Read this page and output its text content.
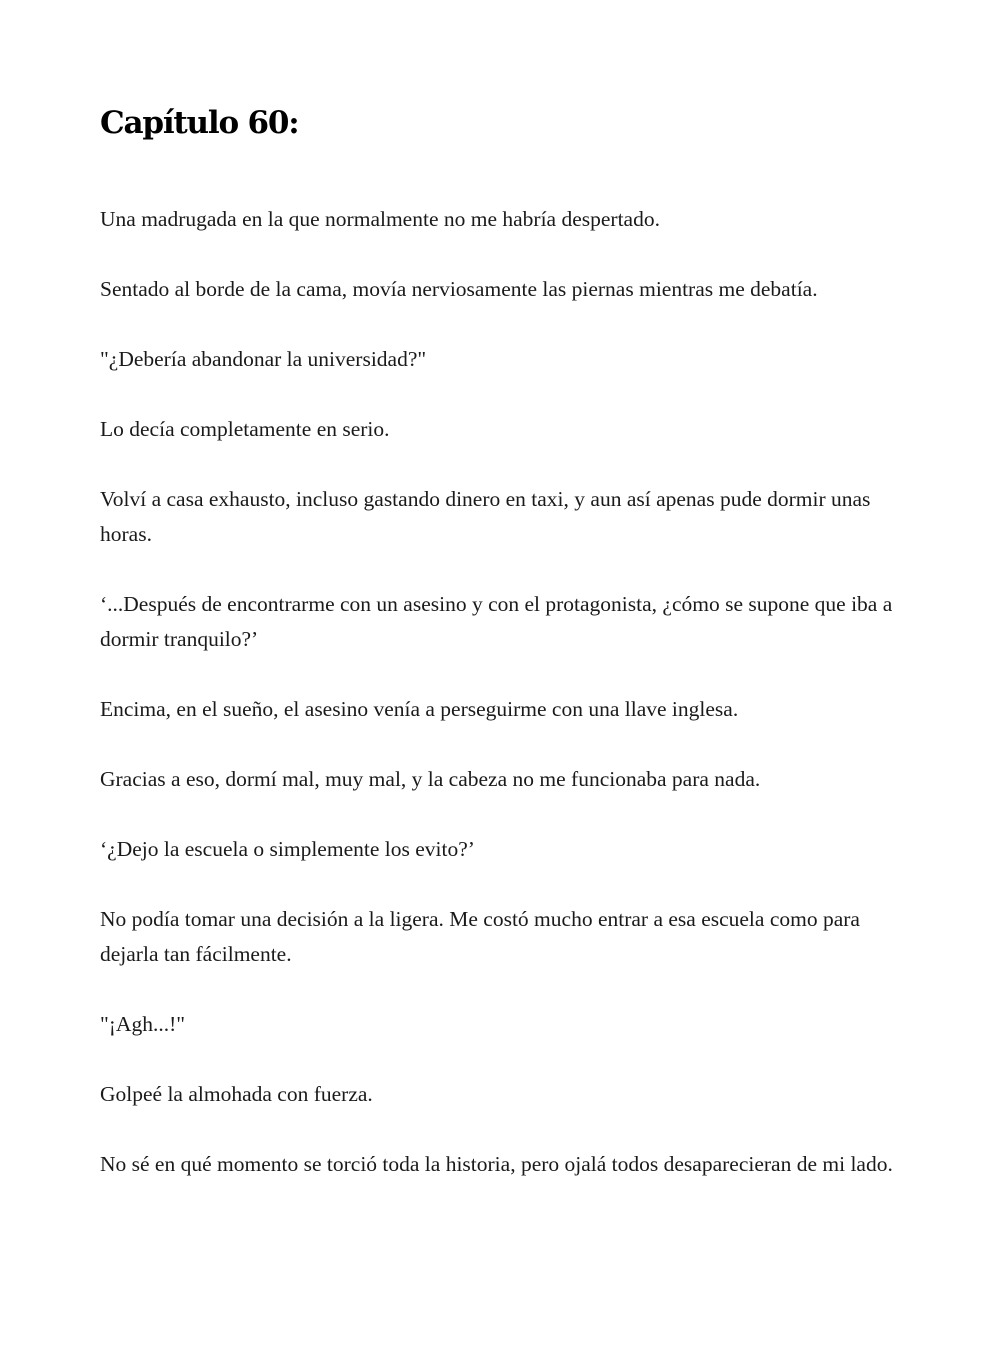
Capítulo 60:

Una madrugada en la que normalmente no me habría despertado.

Sentado al borde de la cama, movía nerviosamente las piernas mientras me debatía.

"¿Debería abandonar la universidad?"

Lo decía completamente en serio.

Volví a casa exhausto, incluso gastando dinero en taxi, y aun así apenas pude dormir unas horas.

‘...Después de encontrarme con un asesino y con el protagonista, ¿cómo se supone que iba a dormir tranquilo?’

Encima, en el sueño, el asesino venía a perseguirme con una llave inglesa.

Gracias a eso, dormí mal, muy mal, y la cabeza no me funcionaba para nada.

‘¿Dejo la escuela o simplemente los evito?’

No podía tomar una decisión a la ligera. Me costó mucho entrar a esa escuela como para dejarla tan fácilmente.

"¡Agh...!"

Golpeé la almohada con fuerza.

No sé en qué momento se torció toda la historia, pero ojalá todos desaparecieran de mi lado.
